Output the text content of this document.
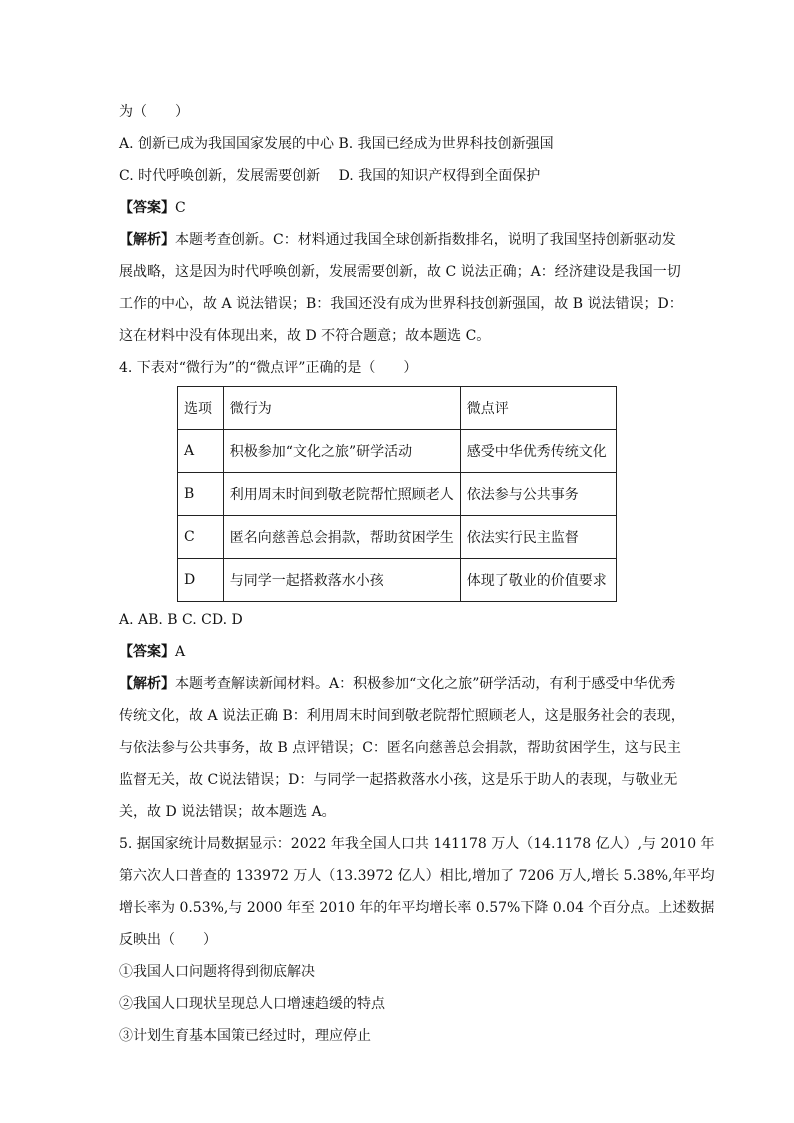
为（　　）
A. 创新已成为我国国家发展的中心 B. 我国已经成为世界科技创新强国
C. 时代呼唤创新，发展需要创新 D. 我国的知识产权得到全面保护
【答案】C
【解析】本题考查创新。C：材料通过我国全球创新指数排名，说明了我国坚持创新驱动发
展战略，这是因为时代呼唤创新，发展需要创新，故 C 说法正确；A：经济建设是我国一切
工作的中心，故 A 说法错误；B：我国还没有成为世界科技创新强国，故 B 说法错误；D：
这在材料中没有体现出来，故 D 不符合题意；故本题选 C。
4. 下表对“微行为”的“微点评”正确的是（　　）
选项	微行为	微点评
A	积极参加“文化之旅”研学活动	感受中华优秀传统文化
B	利用周末时间到敬老院帮忙照顾老人	依法参与公共事务
C	匿名向慈善总会捐款，帮助贫困学生	依法实行民主监督
D	与同学一起搭救落水小孩	体现了敬业的价值要求
A. AB. B C. CD. D
【答案】A
【解析】本题考查解读新闻材料。A：积极参加“文化之旅”研学活动，有利于感受中华优秀
传统文化，故 A 说法正确 B：利用周末时间到敬老院帮忙照顾老人，这是服务社会的表现，
与依法参与公共事务，故 B 点评错误；C：匿名向慈善总会捐款，帮助贫困学生，这与民主
监督无关，故 C说法错误；D：与同学一起搭救落水小孩，这是乐于助人的表现，与敬业无
关，故 D 说法错误；故本题选 A。
5. 据国家统计局数据显示：2022 年我全国人口共 141178 万人（14.1178 亿人）,与 2010 年
第六次人口普查的 133972 万人（13.3972 亿人）相比,增加了 7206 万人,增长 5.38%,年平均
增长率为 0.53%,与 2000 年至 2010 年的年平均增长率 0.57%下降 0.04 个百分点。上述数据
反映出（　　）
①我国人口问题将得到彻底解决
②我国人口现状呈现总人口增速趋缓的特点
③计划生育基本国策已经过时，理应停止
